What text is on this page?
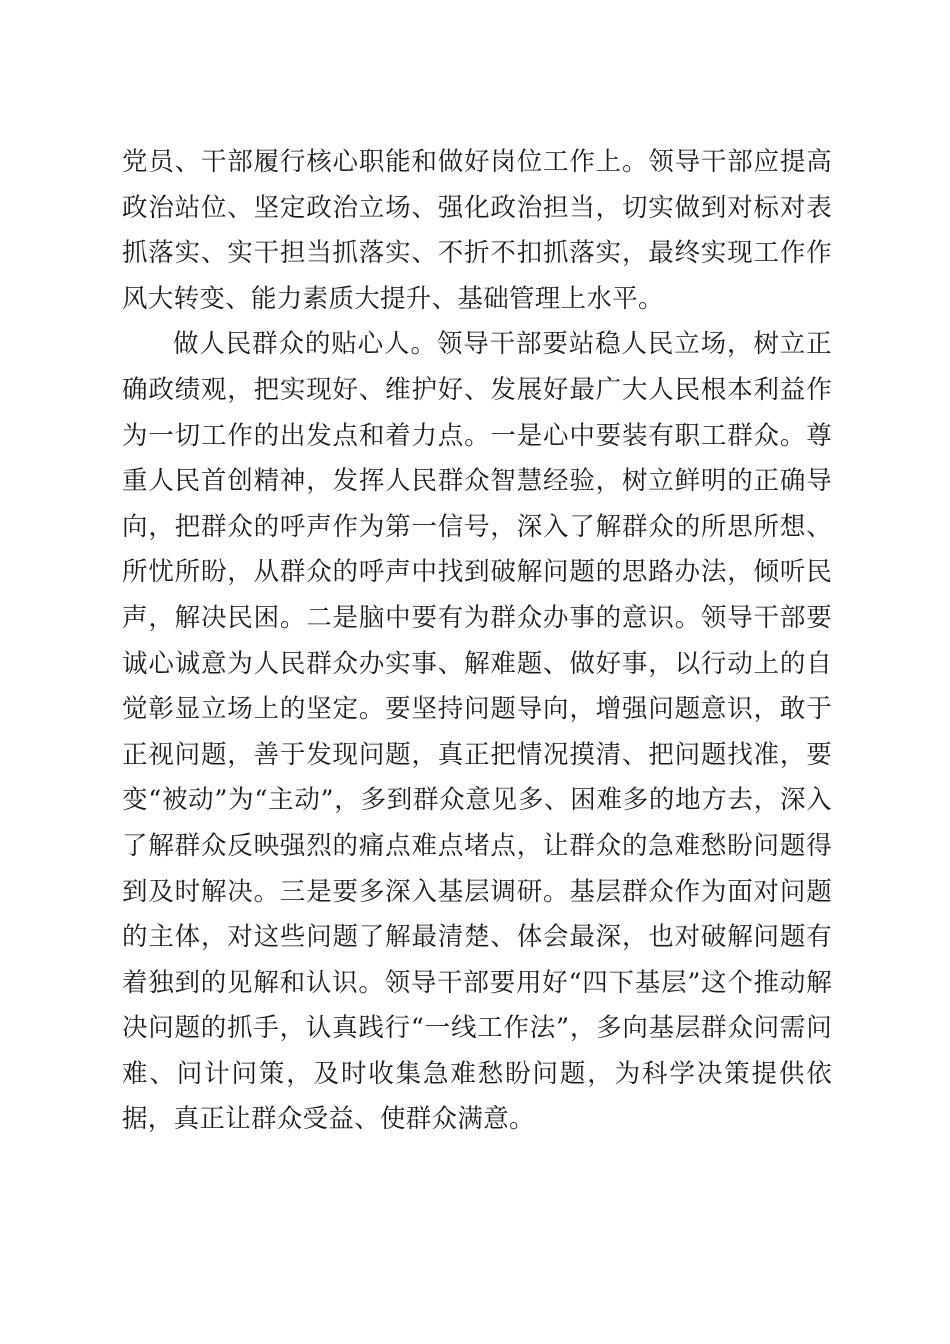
党员、干部履行核心职能和做好岗位工作上。领导干部应提高政治站位、坚定政治立场、强化政治担当，切实做到对标对表抓落实、实干担当抓落实、不折不扣抓落实，最终实现工作作风大转变、能力素质大提升、基础管理上水平。

做人民群众的贴心人。领导干部要站稳人民立场，树立正确政绩观，把实现好、维护好、发展好最广大人民根本利益作为一切工作的出发点和着力点。一是心中要装有职工群众。尊重人民首创精神，发挥人民群众智慧经验，树立鲜明的正确导向，把群众的呼声作为第一信号，深入了解群众的所思所想、所忧所盼，从群众的呼声中找到破解问题的思路办法，倾听民声，解决民困。二是脑中要有为群众办事的意识。领导干部要诚心诚意为人民群众办实事、解难题、做好事，以行动上的自觉彰显立场上的坚定。要坚持问题导向，增强问题意识，敢于正视问题，善于发现问题，真正把情况摸清、把问题找准，要变“被动”为“主动”，多到群众意见多、困难多的地方去，深入了解群众反映强烈的痛点难点堵点，让群众的急难愁盼问题得到及时解决。三是要多深入基层调研。基层群众作为面对问题的主体，对这些问题了解最清楚、体会最深，也对破解问题有着独到的见解和认识。领导干部要用好“四下基层”这个推动解决问题的抓手，认真践行“一线工作法”，多向基层群众问需问难、问计问策，及时收集急难愁盼问题，为科学决策提供依据，真正让群众受益、使群众满意。
